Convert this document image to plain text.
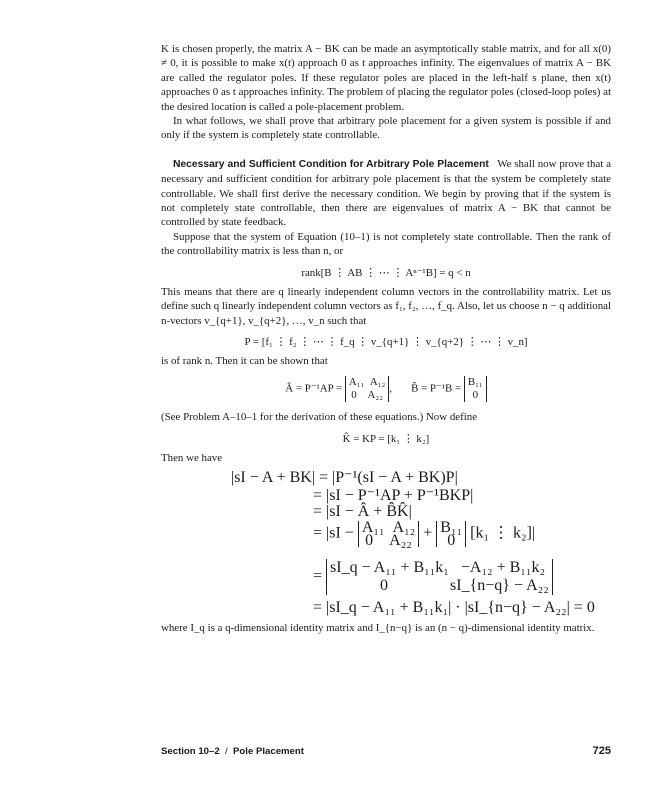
K is chosen properly, the matrix A − BK can be made an asymptotically stable matrix, and for all x(0) ≠ 0, it is possible to make x(t) approach 0 as t approaches infinity. The eigenvalues of matrix A − BK are called the regulator poles. If these regulator poles are placed in the left-half s plane, then x(t) approaches 0 as t approaches infinity. The problem of placing the regulator poles (closed-loop poles) at the desired location is called a pole-placement problem.

In what follows, we shall prove that arbitrary pole placement for a given system is possible if and only if the system is completely state controllable.

Necessary and Sufficient Condition for Arbitrary Pole Placement We shall now prove that a necessary and sufficient condition for arbitrary pole placement is that the system be completely state controllable. We shall first derive the necessary condition. We begin by proving that if the system is not completely state controllable, then there are eigenvalues of matrix A − BK that cannot be controlled by state feedback.

Suppose that the system of Equation (10–1) is not completely state controllable. Then the rank of the controllability matrix is less than n, or

rank[B ⋮ AB ⋮ ⋯ ⋮ Aⁿ⁻¹B] = q < n

This means that there are q linearly independent column vectors in the controllability matrix. Let us define such q linearly independent column vectors as f₁, f₂, …, f_q. Also, let us choose n − q additional n-vectors v_{q+1}, v_{q+2}, …, v_n such that

P = [f₁ ⋮ f₂ ⋮ ⋯ ⋮ f_q ⋮ v_{q+1} ⋮ v_{q+2} ⋮ ⋯ ⋮ v_n]

is of rank n. Then it can be shown that

Â = P⁻¹AP =
A₁₁ A₁₂
0 A₂₂
,       B̂ = P⁻¹B =
B₁₁
0

(See Problem A–10–1 for the derivation of these equations.) Now define

K̂ = KP = [k₁ ⋮ k₂]

Then we have

|sI − A + BK| = |P⁻¹(sI − A + BK)P|
= |sI − P⁻¹AP + P⁻¹BKP|
= |sI − Â + B̂K̂|
= |sI − A₁₁ A₁₂
0 A₂₂ + B₁₁
0 [k₁ ⋮ k₂]|
=
sI_q − A₁₁ + B₁₁k₁ −A₁₂ + B₁₁k₂
0	sI_{n−q} − A₂₂
= |sI_q − A₁₁ + B₁₁k₁| · |sI_{n−q} − A₂₂| = 0

where I_q is a q-dimensional identity matrix and I_{n−q} is an (n − q)-dimensional identity matrix.

Section 10–2 / Pole Placement	725
